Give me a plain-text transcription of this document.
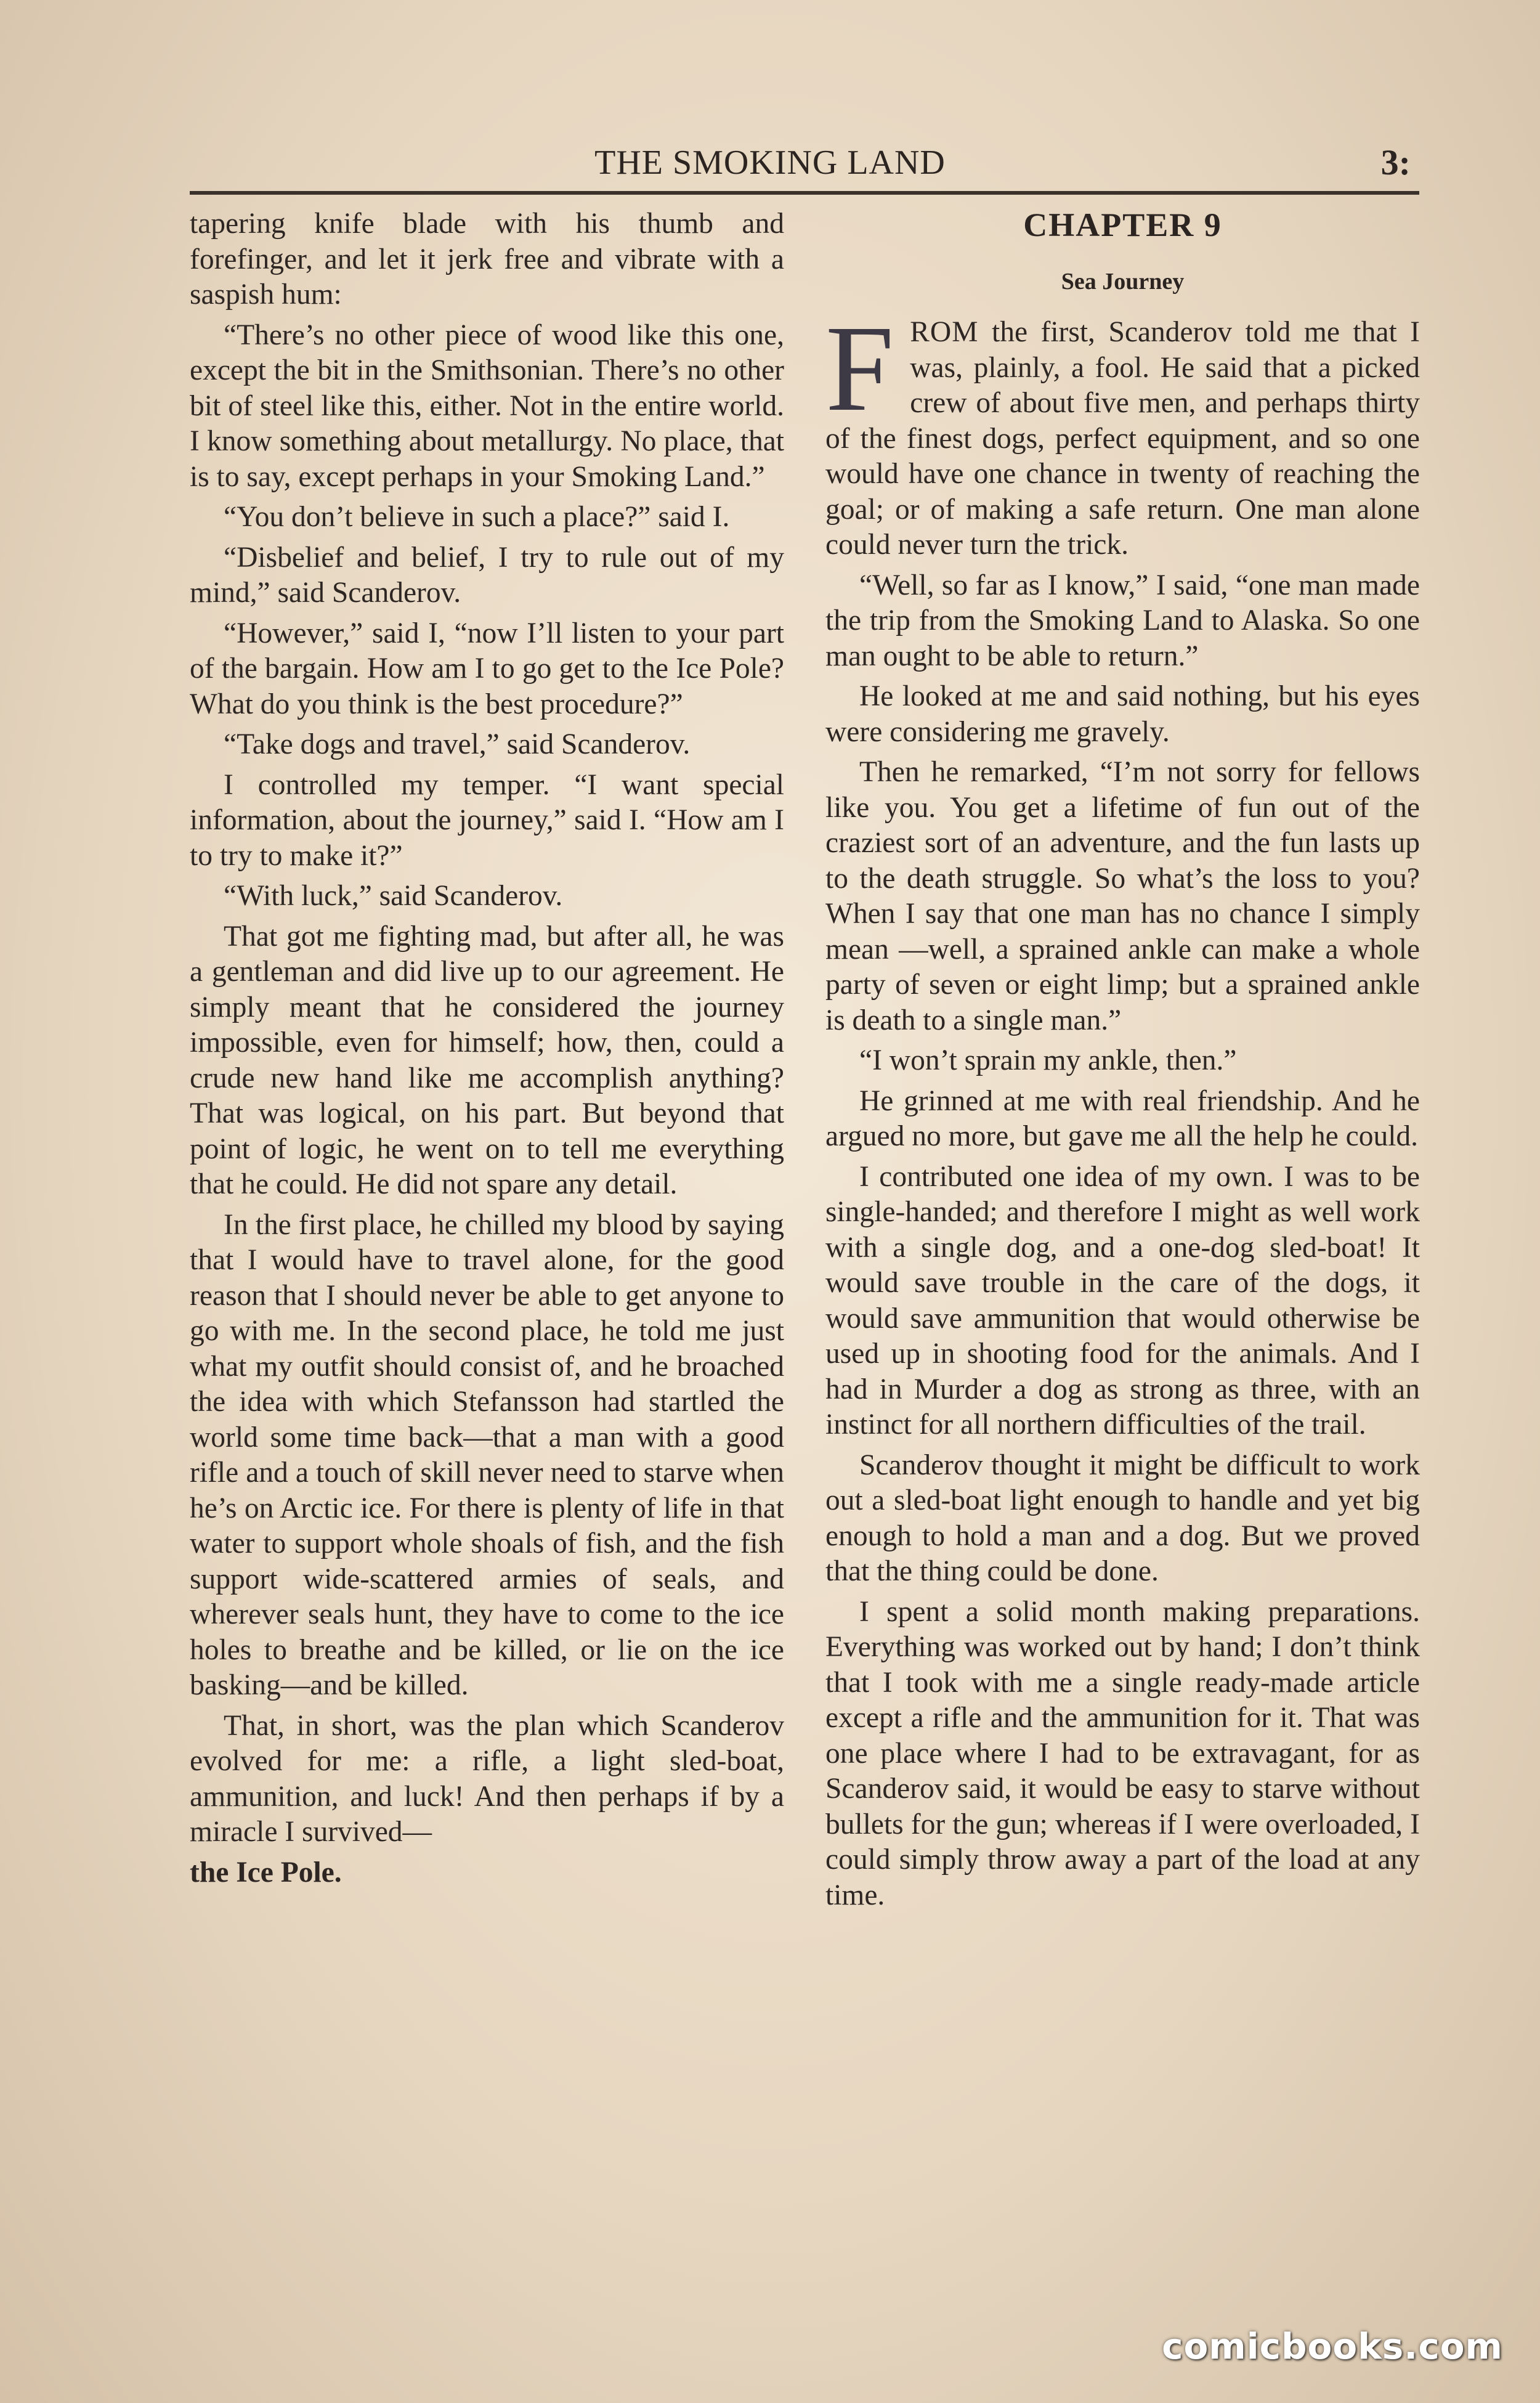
THE SMOKING LAND	3:

tapering knife blade with his thumb and forefinger, and let it jerk free and vibrate with a saspish hum:

“There’s no other piece of wood like this one, except the bit in the Smithsonian. There’s no other bit of steel like this, either. Not in the entire world. I know something about metallurgy. No place, that is to say, except perhaps in your Smoking Land.”

“You don’t believe in such a place?” said I.

“Disbelief and belief, I try to rule out of my mind,” said Scanderov.

“However,” said I, “now I’ll listen to your part of the bargain. How am I to go get to the Ice Pole? What do you think is the best procedure?”

“Take dogs and travel,” said Scanderov.

I controlled my temper. “I want special information, about the journey,” said I. “How am I to try to make it?”

“With luck,” said Scanderov.

That got me fighting mad, but after all, he was a gentleman and did live up to our agreement. He simply meant that he considered the journey impossible, even for himself; how, then, could a crude new hand like me accomplish anything? That was logical, on his part. But beyond that point of logic, he went on to tell me everything that he could. He did not spare any detail.

In the first place, he chilled my blood by saying that I would have to travel alone, for the good reason that I should never be able to get anyone to go with me. In the second place, he told me just what my outfit should consist of, and he broached the idea with which Stefansson had startled the world some time back—that a man with a good rifle and a touch of skill never need to starve when he’s on Arctic ice. For there is plenty of life in that water to support whole shoals of fish, and the fish support wide-scattered armies of seals, and wherever seals hunt, they have to come to the ice holes to breathe and be killed, or lie on the ice basking—and be killed.

That, in short, was the plan which Scanderov evolved for me: a rifle, a light sled-boat, ammunition, and luck! And then perhaps if by a miracle I survived—

the Ice Pole.

CHAPTER 9
Sea Journey

FROM the first, Scanderov told me that I was, plainly, a fool. He said that a picked crew of about five men, and perhaps thirty of the finest dogs, perfect equipment, and so one would have one chance in twenty of reaching the goal; or of making a safe return. One man alone could never turn the trick.

“Well, so far as I know,” I said, “one man made the trip from the Smoking Land to Alaska. So one man ought to be able to return.”

He looked at me and said nothing, but his eyes were considering me gravely.

Then he remarked, “I’m not sorry for fellows like you. You get a lifetime of fun out of the craziest sort of an adventure, and the fun lasts up to the death struggle. So what’s the loss to you? When I say that one man has no chance I simply mean —well, a sprained ankle can make a whole party of seven or eight limp; but a sprained ankle is death to a single man.”

“I won’t sprain my ankle, then.”

He grinned at me with real friendship. And he argued no more, but gave me all the help he could.

I contributed one idea of my own. I was to be single-handed; and therefore I might as well work with a single dog, and a one-dog sled-boat! It would save trouble in the care of the dogs, it would save ammunition that would otherwise be used up in shooting food for the animals. And I had in Murder a dog as strong as three, with an instinct for all northern difficulties of the trail.

Scanderov thought it might be difficult to work out a sled-boat light enough to handle and yet big enough to hold a man and a dog. But we proved that the thing could be done.

I spent a solid month making preparations. Everything was worked out by hand; I don’t think that I took with me a single ready-made article except a rifle and the ammunition for it. That was one place where I had to be extravagant, for as Scanderov said, it would be easy to starve without bullets for the gun; whereas if I were overloaded, I could simply throw away a part of the load at any time.

comicbooks.com
